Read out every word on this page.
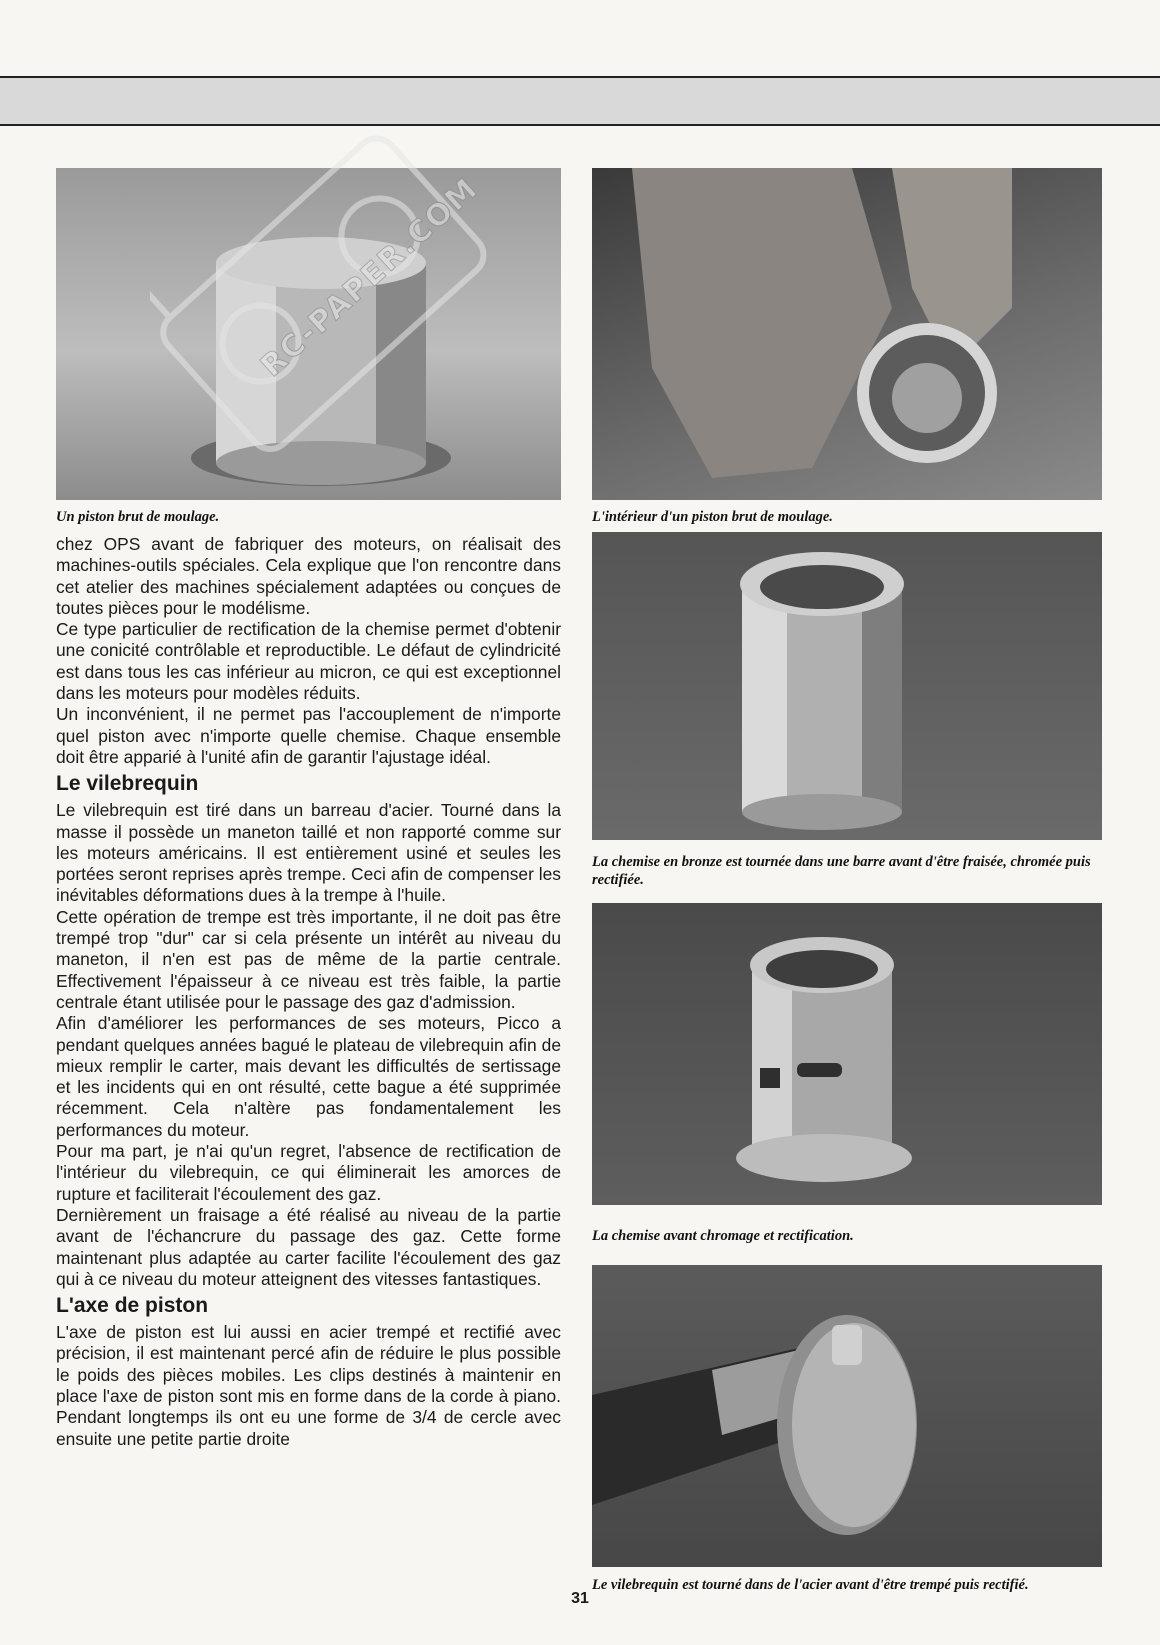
RC-PAPER.COM

Un piston brut de moulage.	L'intérieur d'un piston brut de moulage.

La chemise en bronze est tournée dans une barre avant d'être fraisée, chromée puis rectifiée.

La chemise avant chromage et rectification.

Le vilebrequin est tourné dans de l'acier avant d'être trempé puis rectifié.

chez OPS avant de fabriquer des moteurs, on réalisait des machines-outils spéciales. Cela explique que l'on rencontre dans cet atelier des machines spécialement adaptées ou conçues de toutes pièces pour le modélisme.

Ce type particulier de rectification de la chemise permet d'obtenir une conicité contrôlable et reproductible. Le défaut de cylindricité est dans tous les cas inférieur au micron, ce qui est exceptionnel dans les moteurs pour modèles réduits.

Un inconvénient, il ne permet pas l'accouplement de n'importe quel piston avec n'importe quelle chemise. Chaque ensemble doit être apparié à l'unité afin de garantir l'ajustage idéal.

Le vilebrequin

Le vilebrequin est tiré dans un barreau d'acier. Tourné dans la masse il possède un maneton taillé et non rapporté comme sur les moteurs américains. Il est entièrement usiné et seules les portées seront reprises après trempe. Ceci afin de compenser les inévitables déformations dues à la trempe à l'huile.

Cette opération de trempe est très importante, il ne doit pas être trempé trop "dur" car si cela présente un intérêt au niveau du maneton, il n'en est pas de même de la partie centrale. Effectivement l'épaisseur à ce niveau est très faible, la partie centrale étant utilisée pour le passage des gaz d'admission.

Afin d'améliorer les performances de ses moteurs, Picco a pendant quelques années bagué le plateau de vilebrequin afin de mieux remplir le carter, mais devant les difficultés de sertissage et les incidents qui en ont résulté, cette bague a été supprimée récemment. Cela n'altère pas fondamentalement les performances du moteur.

Pour ma part, je n'ai qu'un regret, l'absence de rectification de l'intérieur du vilebrequin, ce qui éliminerait les amorces de rupture et faciliterait l'écoulement des gaz.

Dernièrement un fraisage a été réalisé au niveau de la partie avant de l'échancrure du passage des gaz. Cette forme maintenant plus adaptée au carter facilite l'écoulement des gaz qui à ce niveau du moteur atteignent des vitesses fantastiques.

L'axe de piston

L'axe de piston est lui aussi en acier trempé et rectifié avec précision, il est maintenant percé afin de réduire le plus possible le poids des pièces mobiles. Les clips destinés à maintenir en place l'axe de piston sont mis en forme dans de la corde à piano. Pendant longtemps ils ont eu une forme de 3/4 de cercle avec ensuite une petite partie droite

31
